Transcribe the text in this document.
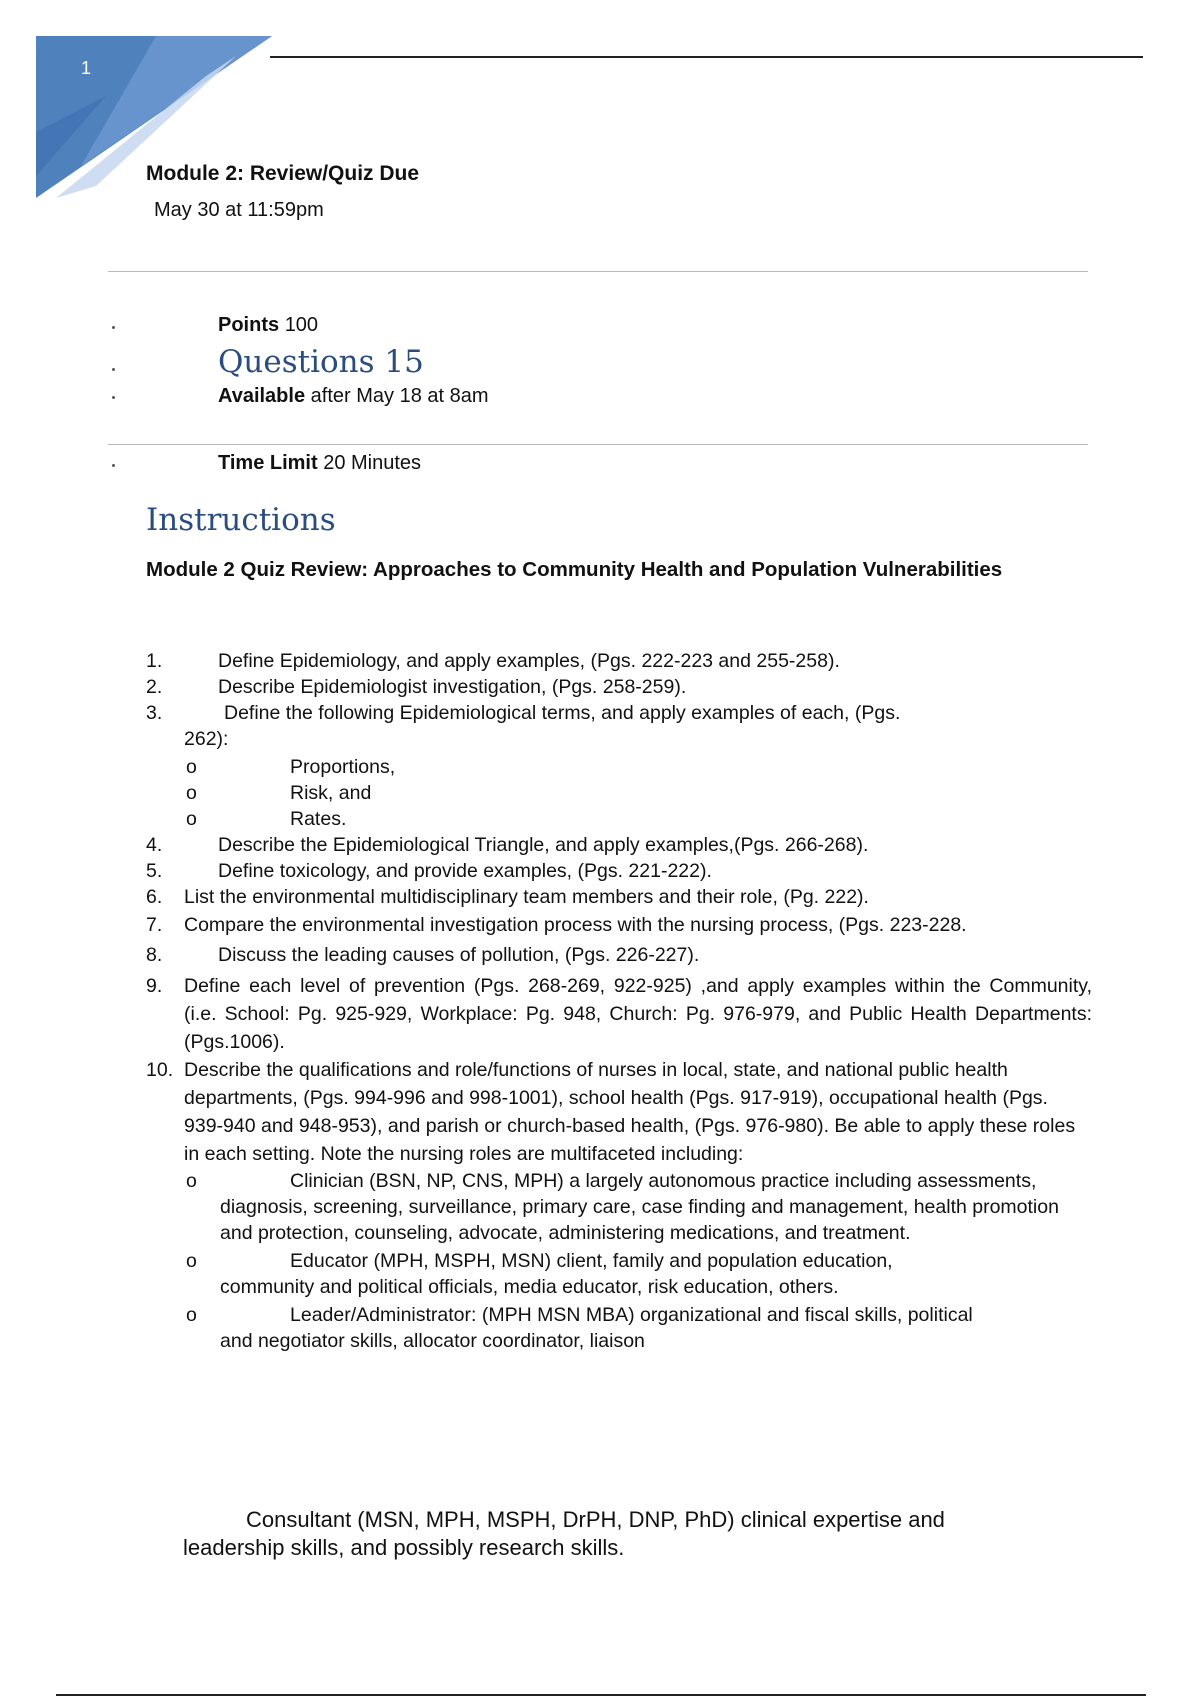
1
Module 2: Review/Quiz Due
May 30 at 11:59pm
Points 100
Questions 15
Available after May 18 at 8am
Time Limit 20 Minutes
Instructions
Module 2 Quiz Review: Approaches to Community Health and Population Vulnerabilities
1.	Define Epidemiology, and apply examples, (Pgs. 222-223 and 255-258).
2.	Describe Epidemiologist investigation, (Pgs. 258-259).
3.	Define the following Epidemiological terms, and apply examples of each, (Pgs.
262):
o	Proportions,
o	Risk, and
o	Rates.
4.	Describe the Epidemiological Triangle, and apply examples,(Pgs. 266-268).
5.	Define toxicology, and provide examples, (Pgs. 221-222).
6. List the environmental multidisciplinary team members and their role, (Pg. 222).
7. Compare the environmental investigation process with the nursing process, (Pgs. 223-228.
8.	Discuss the leading causes of pollution, (Pgs. 226-227).
9. Define each level of prevention (Pgs. 268-269, 922-925) ,and apply examples within the Community, (i.e. School: Pg. 925-929, Workplace: Pg. 948, Church: Pg. 976-979, and Public Health Departments:(Pgs.1006).
10. Describe the qualifications and role/functions of nurses in local, state, and national public health departments, (Pgs. 994-996 and 998-1001), school health (Pgs. 917-919), occupational health (Pgs. 939-940 and 948-953), and parish or church-based health, (Pgs. 976-980). Be able to apply these roles in each setting. Note the nursing roles are multifaceted including:
o	Clinician (BSN, NP, CNS, MPH) a largely autonomous practice including assessments, diagnosis, screening, surveillance, primary care, case finding and management, health promotion and protection, counseling, advocate, administering medications, and treatment.
o	Educator (MPH, MSPH, MSN) client, family and population education, community and political officials, media educator, risk education, others.
o	Leader/Administrator: (MPH MSN MBA) organizational and fiscal skills, political and negotiator skills, allocator coordinator, liaison
Consultant (MSN, MPH, MSPH, DrPH, DNP, PhD) clinical expertise and leadership skills, and possibly research skills.
